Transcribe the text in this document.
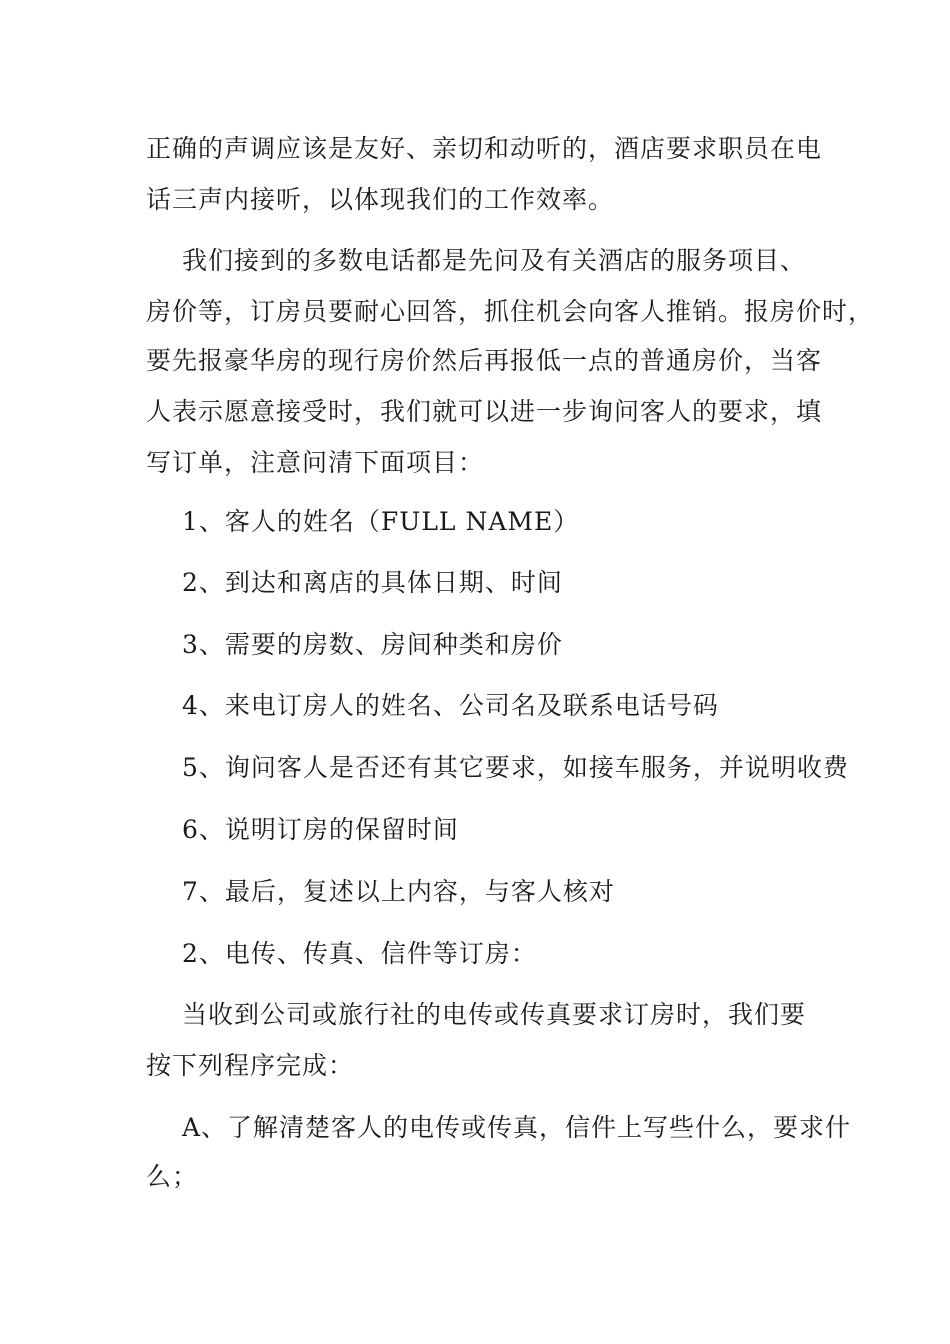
正确的声调应该是友好、亲切和动听的，酒店要求职员在电
话三声内接听，以体现我们的工作效率。
我们接到的多数电话都是先问及有关酒店的服务项目、
房价等，订房员要耐心回答，抓住机会向客人推销。报房价时，
要先报豪华房的现行房价然后再报低一点的普通房价，当客
人表示愿意接受时，我们就可以进一步询问客人的要求，填
写订单，注意问清下面项目：
1、客人的姓名（FULL NAME）
2、到达和离店的具体日期、时间
3、需要的房数、房间种类和房价
4、来电订房人的姓名、公司名及联系电话号码
5、询问客人是否还有其它要求，如接车服务，并说明收费
6、说明订房的保留时间
7、最后，复述以上内容，与客人核对
2、电传、传真、信件等订房：
当收到公司或旅行社的电传或传真要求订房时，我们要
按下列程序完成：
A、了解清楚客人的电传或传真，信件上写些什么，要求什
么；
